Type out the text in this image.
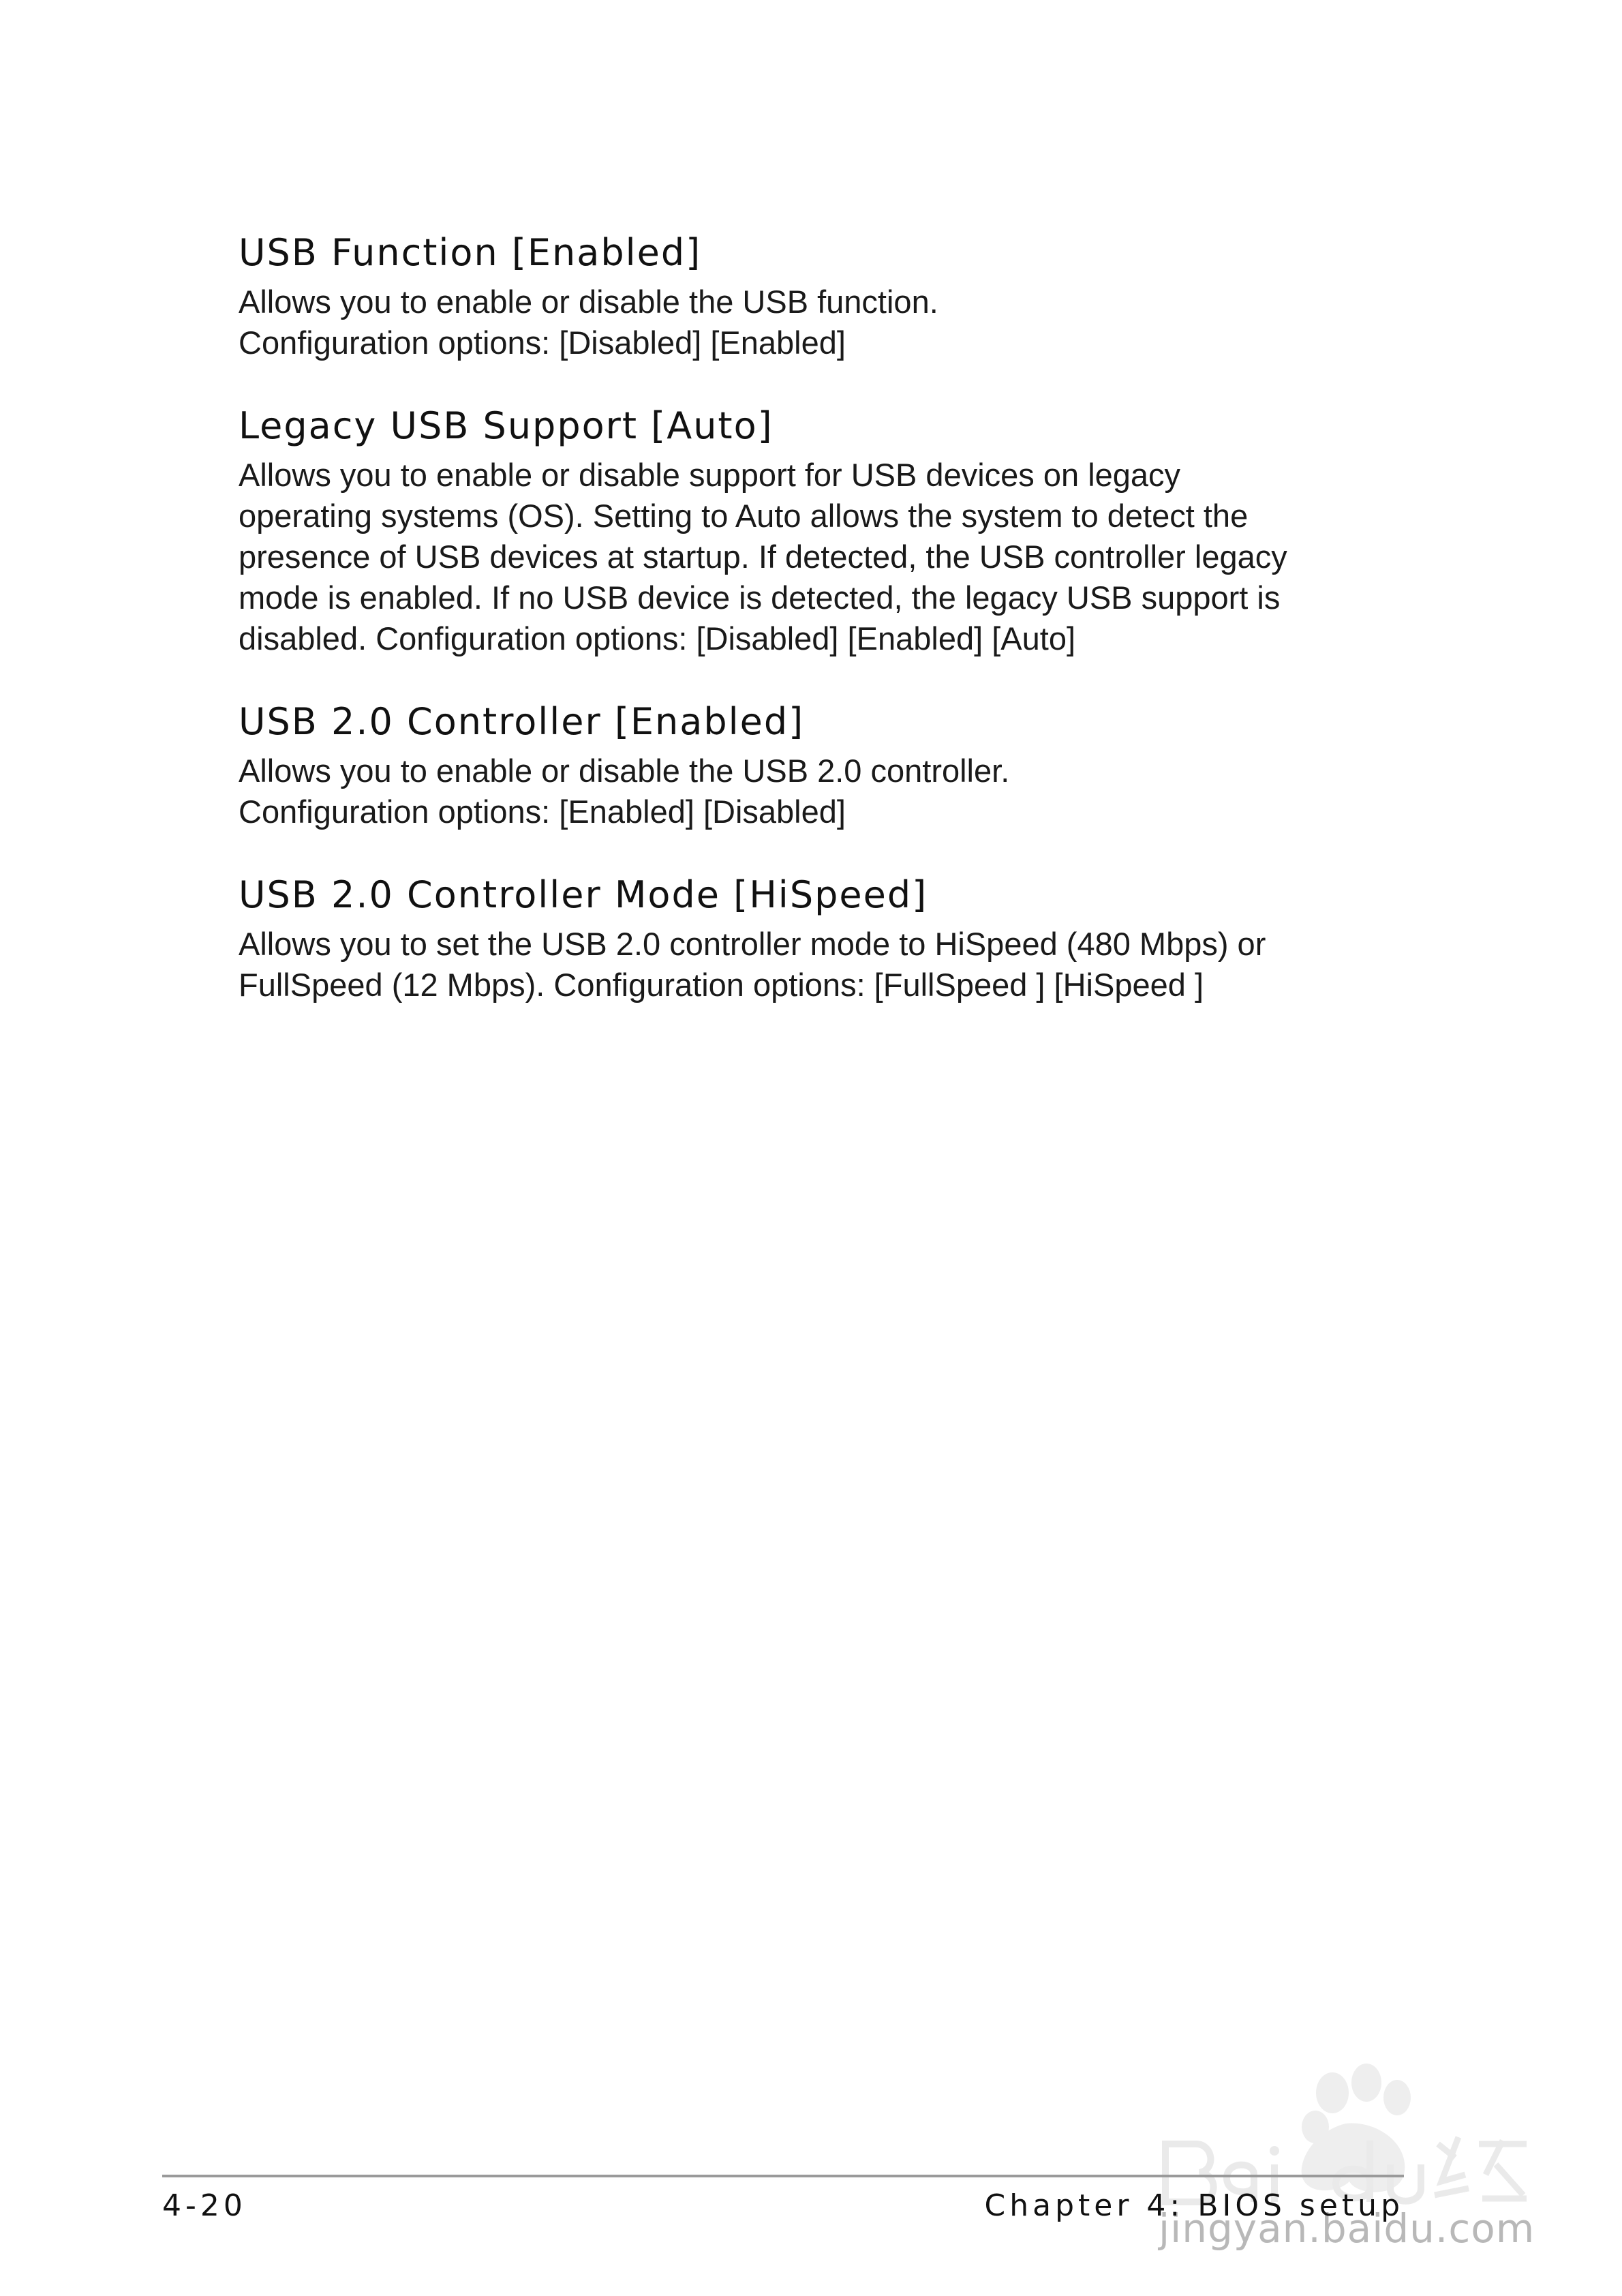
USB Function [Enabled]

Allows you to enable or disable the USB function.
Configuration options: [Disabled] [Enabled]

Legacy USB Support [Auto]

Allows you to enable or disable support for USB devices on legacy
operating systems (OS). Setting to Auto allows the system to detect the
presence of USB devices at startup. If detected, the USB controller legacy
mode is enabled. If no USB device is detected, the legacy USB support is
disabled. Configuration options: [Disabled] [Enabled] [Auto]

USB 2.0 Controller [Enabled]

Allows you to enable or disable the USB 2.0 controller.
Configuration options: [Enabled] [Disabled]

USB 2.0 Controller Mode [HiSpeed]

Allows you to set the USB 2.0 controller mode to HiSpeed (480 Mbps) or
FullSpeed (12 Mbps). Configuration options: [FullSpeed ] [HiSpeed ]

jingyan.baidu.com
4-20	Chapter 4: BIOS setup
